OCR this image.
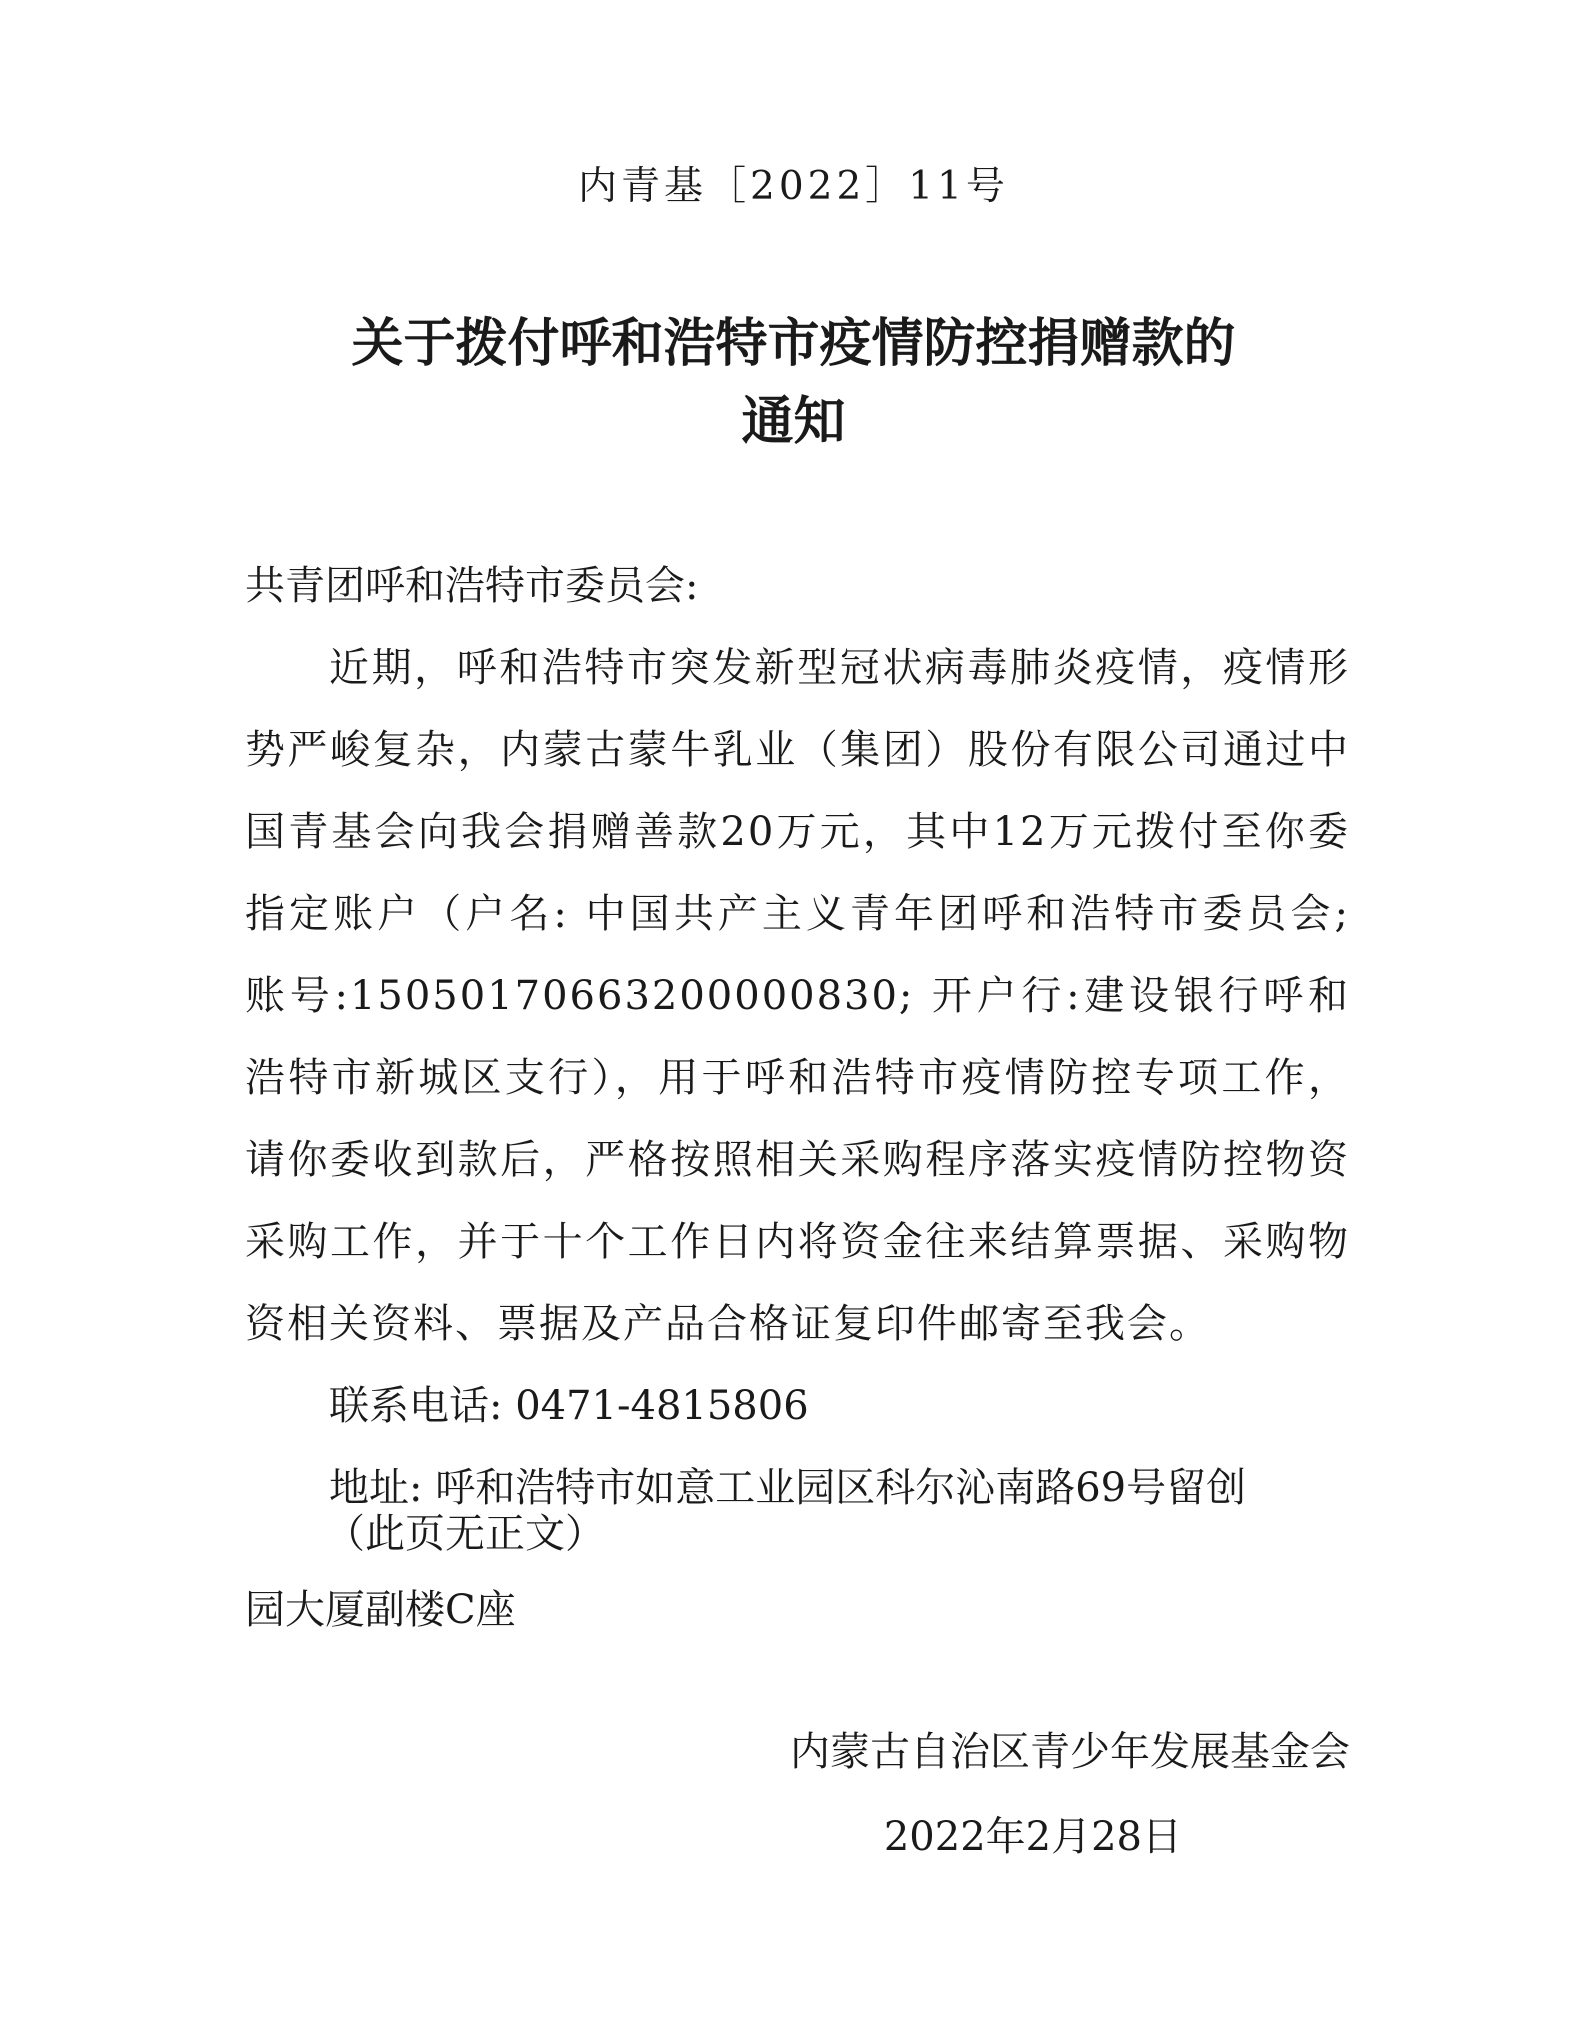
内青基［2022］11号
关于拨付呼和浩特市疫情防控捐赠款的
通知
共青团呼和浩特市委员会:
近期，呼和浩特市突发新型冠状病毒肺炎疫情，疫情形势严峻复杂，内蒙古蒙牛乳业（集团）股份有限公司通过中国青基会向我会捐赠善款20万元，其中12万元拨付至你委指定账户（户名: 中国共产主义青年团呼和浩特市委员会; 账号:15050170663200000830; 开户行:建设银行呼和浩特市新城区支行），用于呼和浩特市疫情防控专项工作，请你委收到款后，严格按照相关采购程序落实疫情防控物资采购工作，并于十个工作日内将资金往来结算票据、采购物资相关资料、票据及产品合格证复印件邮寄至我会。
联系电话: 0471-4815806
地址: 呼和浩特市如意工业园区科尔沁南路69号留创
（此页无正文）
园大厦副楼C座
内蒙古自治区青少年发展基金会
2022年2月28日
